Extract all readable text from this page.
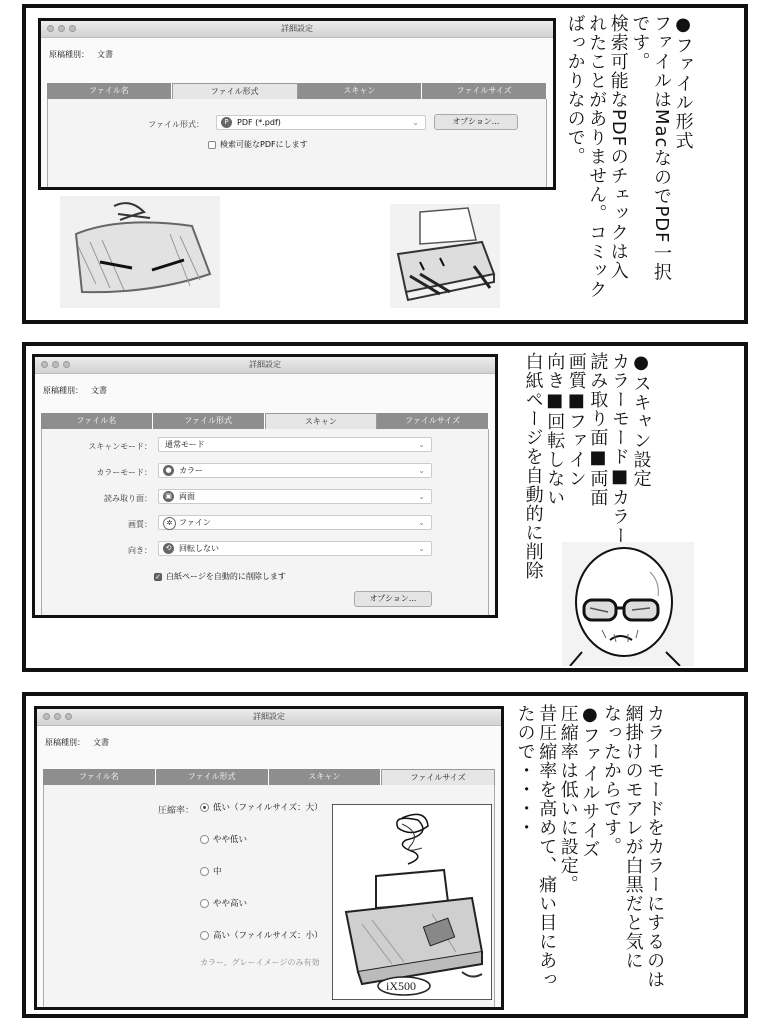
詳細設定
原稿種別： 文書
ファイル名	ファイル形式	スキャン	ファイルサイズ
ファイル形式：	P	PDF (*.pdf)	⌄	オプション...
検索可能なPDFにします	●ファイル形式
ファイルはMacなのでPDF一択
です。
検索可能なPDFのチェックは入
れたことがありません。コミック
ばっかりなので。
詳細設定
原稿種別： 文書
ファイル名	ファイル形式	スキャン	ファイルサイズ
スキャンモード：	通常モード	⌄
カラーモード：	● カラー	⌄
読み取り面：	▣ 両面	⌄
画質：	✲ ファイン	⌄
向き：	⟲ 回転しない	⌄
✓ 白紙ページを自動的に削除します
オプション...
●スキャン設定
カラーモード■カラー
読み取り面■両面
画質■ファイン
向き■回転しない
白紙ページを自動的に削除
詳細設定
原稿種別： 文書
ファイル名	ファイル形式	スキャン	ファイルサイズ
圧縮率： 低い（ファイルサイズ：大）
やや低い
中
やや高い
高い（ファイルサイズ：小）
カラー、グレーイメージのみ有効
iX500	カラーモードをカラーにするのは
網掛けのモアレが白黒だと気に
なったからです。
●ファイルサイズ
圧縮率は低いに設定。
昔圧縮率を高めて、痛い目にあっ
たので・・・・
